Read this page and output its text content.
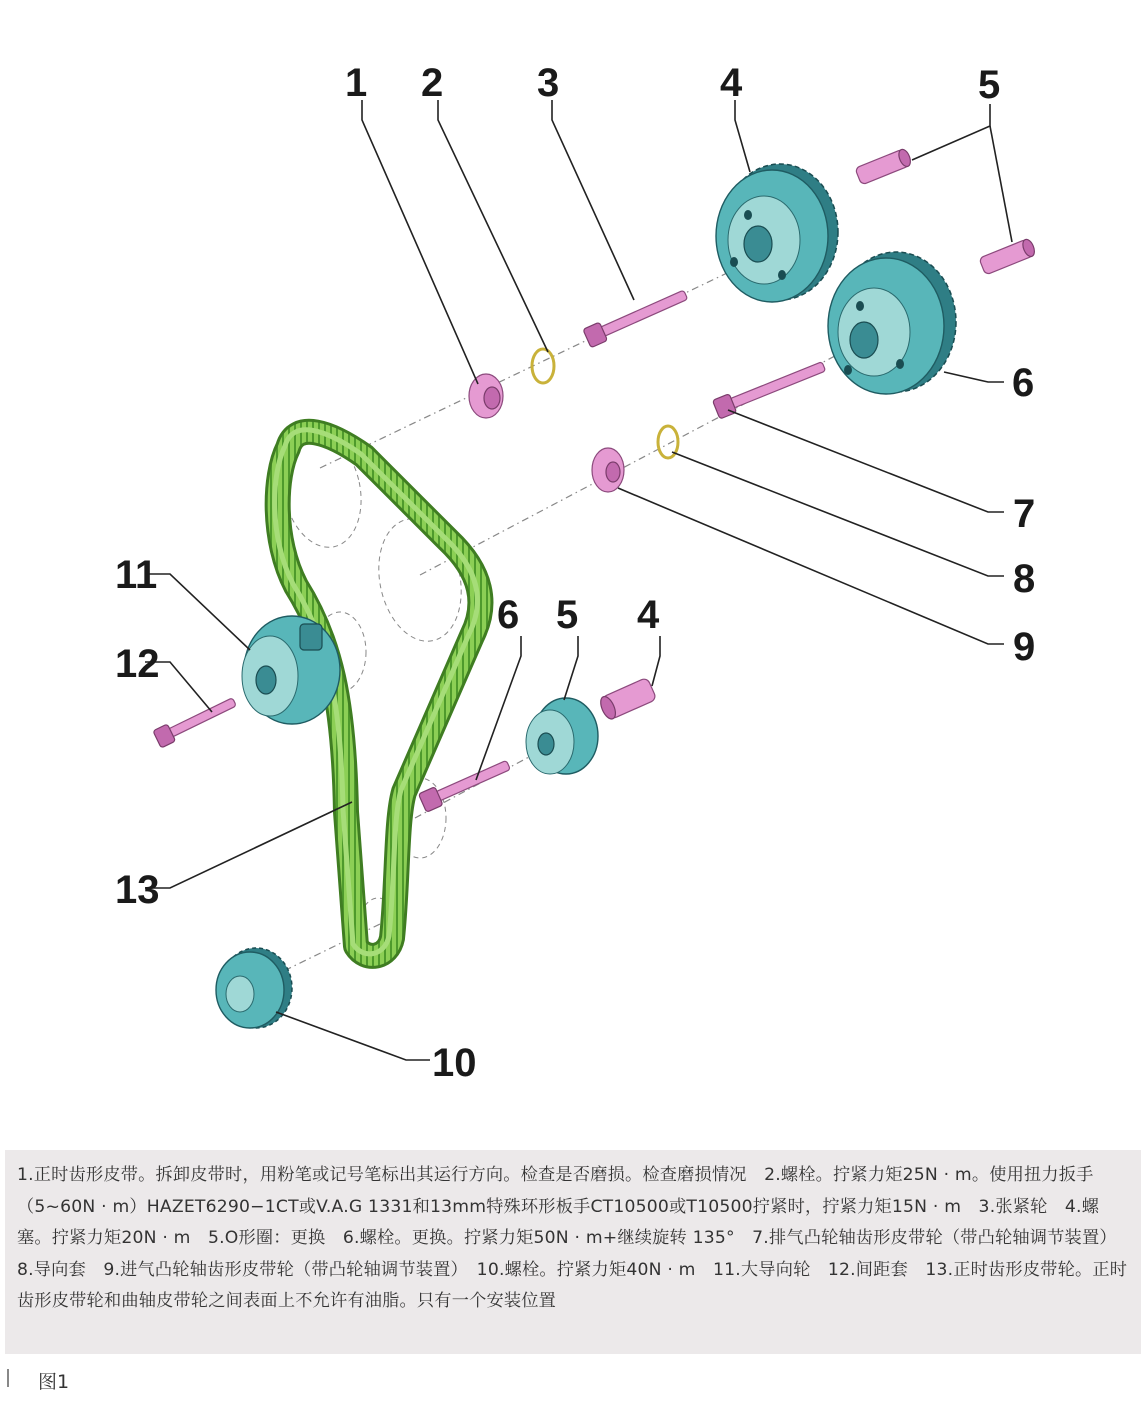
1 2 3	4	5
6
7
8
9
6 5 4
10
11
12
13

1.正时齿形皮带。拆卸皮带时，用粉笔或记号笔标出其运行方向。检查是否磨损。检查磨损情况　2.螺栓。拧紧力矩25N · m。使用扭力扳手（5~60N · m）HAZET6290−1CT或V.A.G 1331和13mm特殊环形板手CT10500或T10500拧紧时，拧紧力矩15N · m　3.张紧轮　4.螺塞。拧紧力矩20N · m　5.O形圈：更换　6.螺栓。更换。拧紧力矩50N · m+继续旋转 135°　7.排气凸轮轴齿形皮带轮（带凸轮轴调节装置）　8.导向套　9.进气凸轮轴齿形皮带轮（带凸轮轴调节装置）　10.螺栓。拧紧力矩40N · m　11.大导向轮　12.间距套　13.正时齿形皮带轮。正时齿形皮带轮和曲轴皮带轮之间表面上不允许有油脂。只有一个安装位置

图1
